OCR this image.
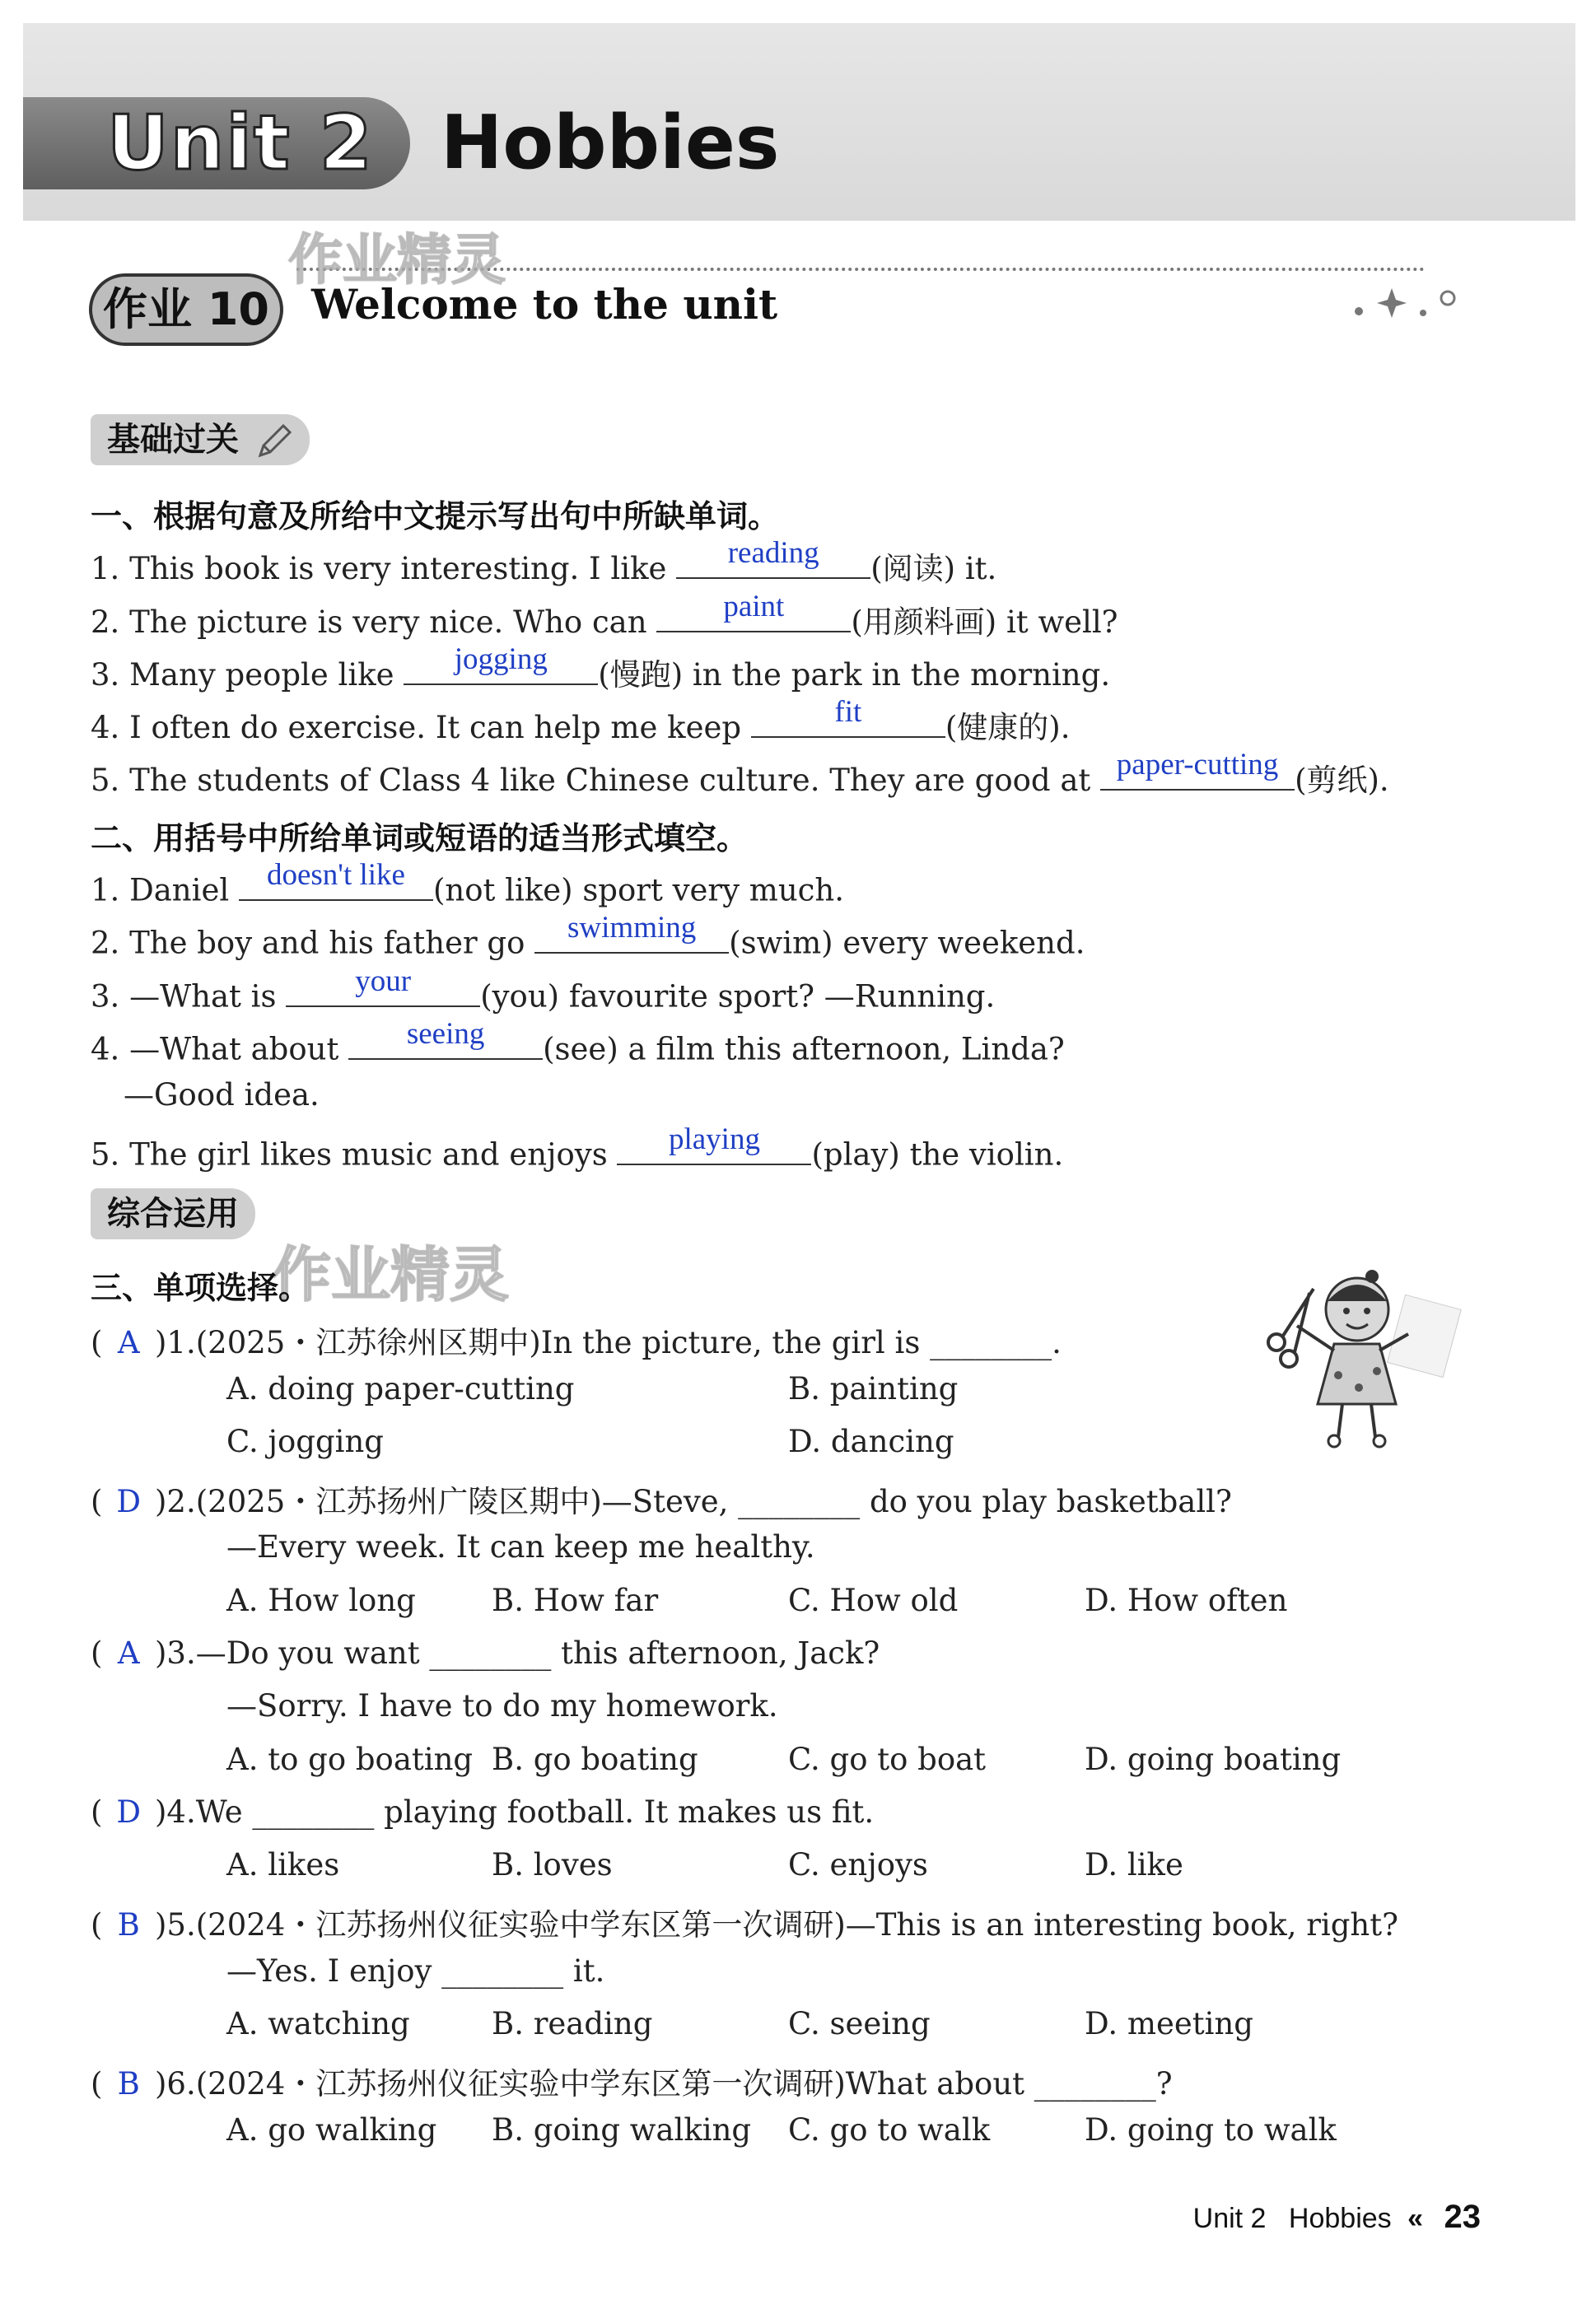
Unit 2 Hobbies
作业精灵
作业 10	Welcome to the unit
基础过关
一、根据句意及所给中文提示写出句中所缺单词。
1. This book is very interesting. I like	reading	(阅读) it.
2. The picture is very nice. Who can	paint	(用颜料画) it well?
3. Many people like	jogging	(慢跑) in the park in the morning.
4. I often do exercise. It can help me keep	fit	(健康的).
5. The students of Class 4 like Chinese culture. They are good at paper-cutting (剪纸).
二、用括号中所给单词或短语的适当形式填空。
1. Daniel doesn't like (not like) sport very much.
2. The boy and his father go	swimming	(swim) every weekend.
3. —What is	your	(you) favourite sport? —Running.
4. —What about	seeing	(see) a film this afternoon, Linda?
—Good idea.
5. The girl likes music and enjoys	playing	(play) the violin.
综合运用
作业精灵
三、单项选择。
( A )1.(2025・江苏徐州区期中)In the picture, the girl is ________.
A. doing paper-cutting	B. painting
C. jogging	D. dancing
( D )2.(2025・江苏扬州广陵区期中)—Steve, ________ do you play basketball?
—Every week. It can keep me healthy.
A. How long B. How far	C. How old	D. How often
( A )3.—Do you want ________ this afternoon, Jack?
—Sorry. I have to do my homework.
A. to go boating B. go boating	C. go to boat	D. going boating
( D )4.We ________ playing football. It makes us fit.
A. likes	B. loves	C. enjoys	D. like
( B )5.(2024・江苏扬州仪征实验中学东区第一次调研)—This is an interesting book, right?
—Yes. I enjoy ________ it.
A. watching	B. reading	C. seeing	D. meeting
( B )6.(2024・江苏扬州仪征实验中学东区第一次调研)What about ________?
A. go walking B. going walking C. go to walk	D. going to walk
Unit 2 Hobbies « 23
